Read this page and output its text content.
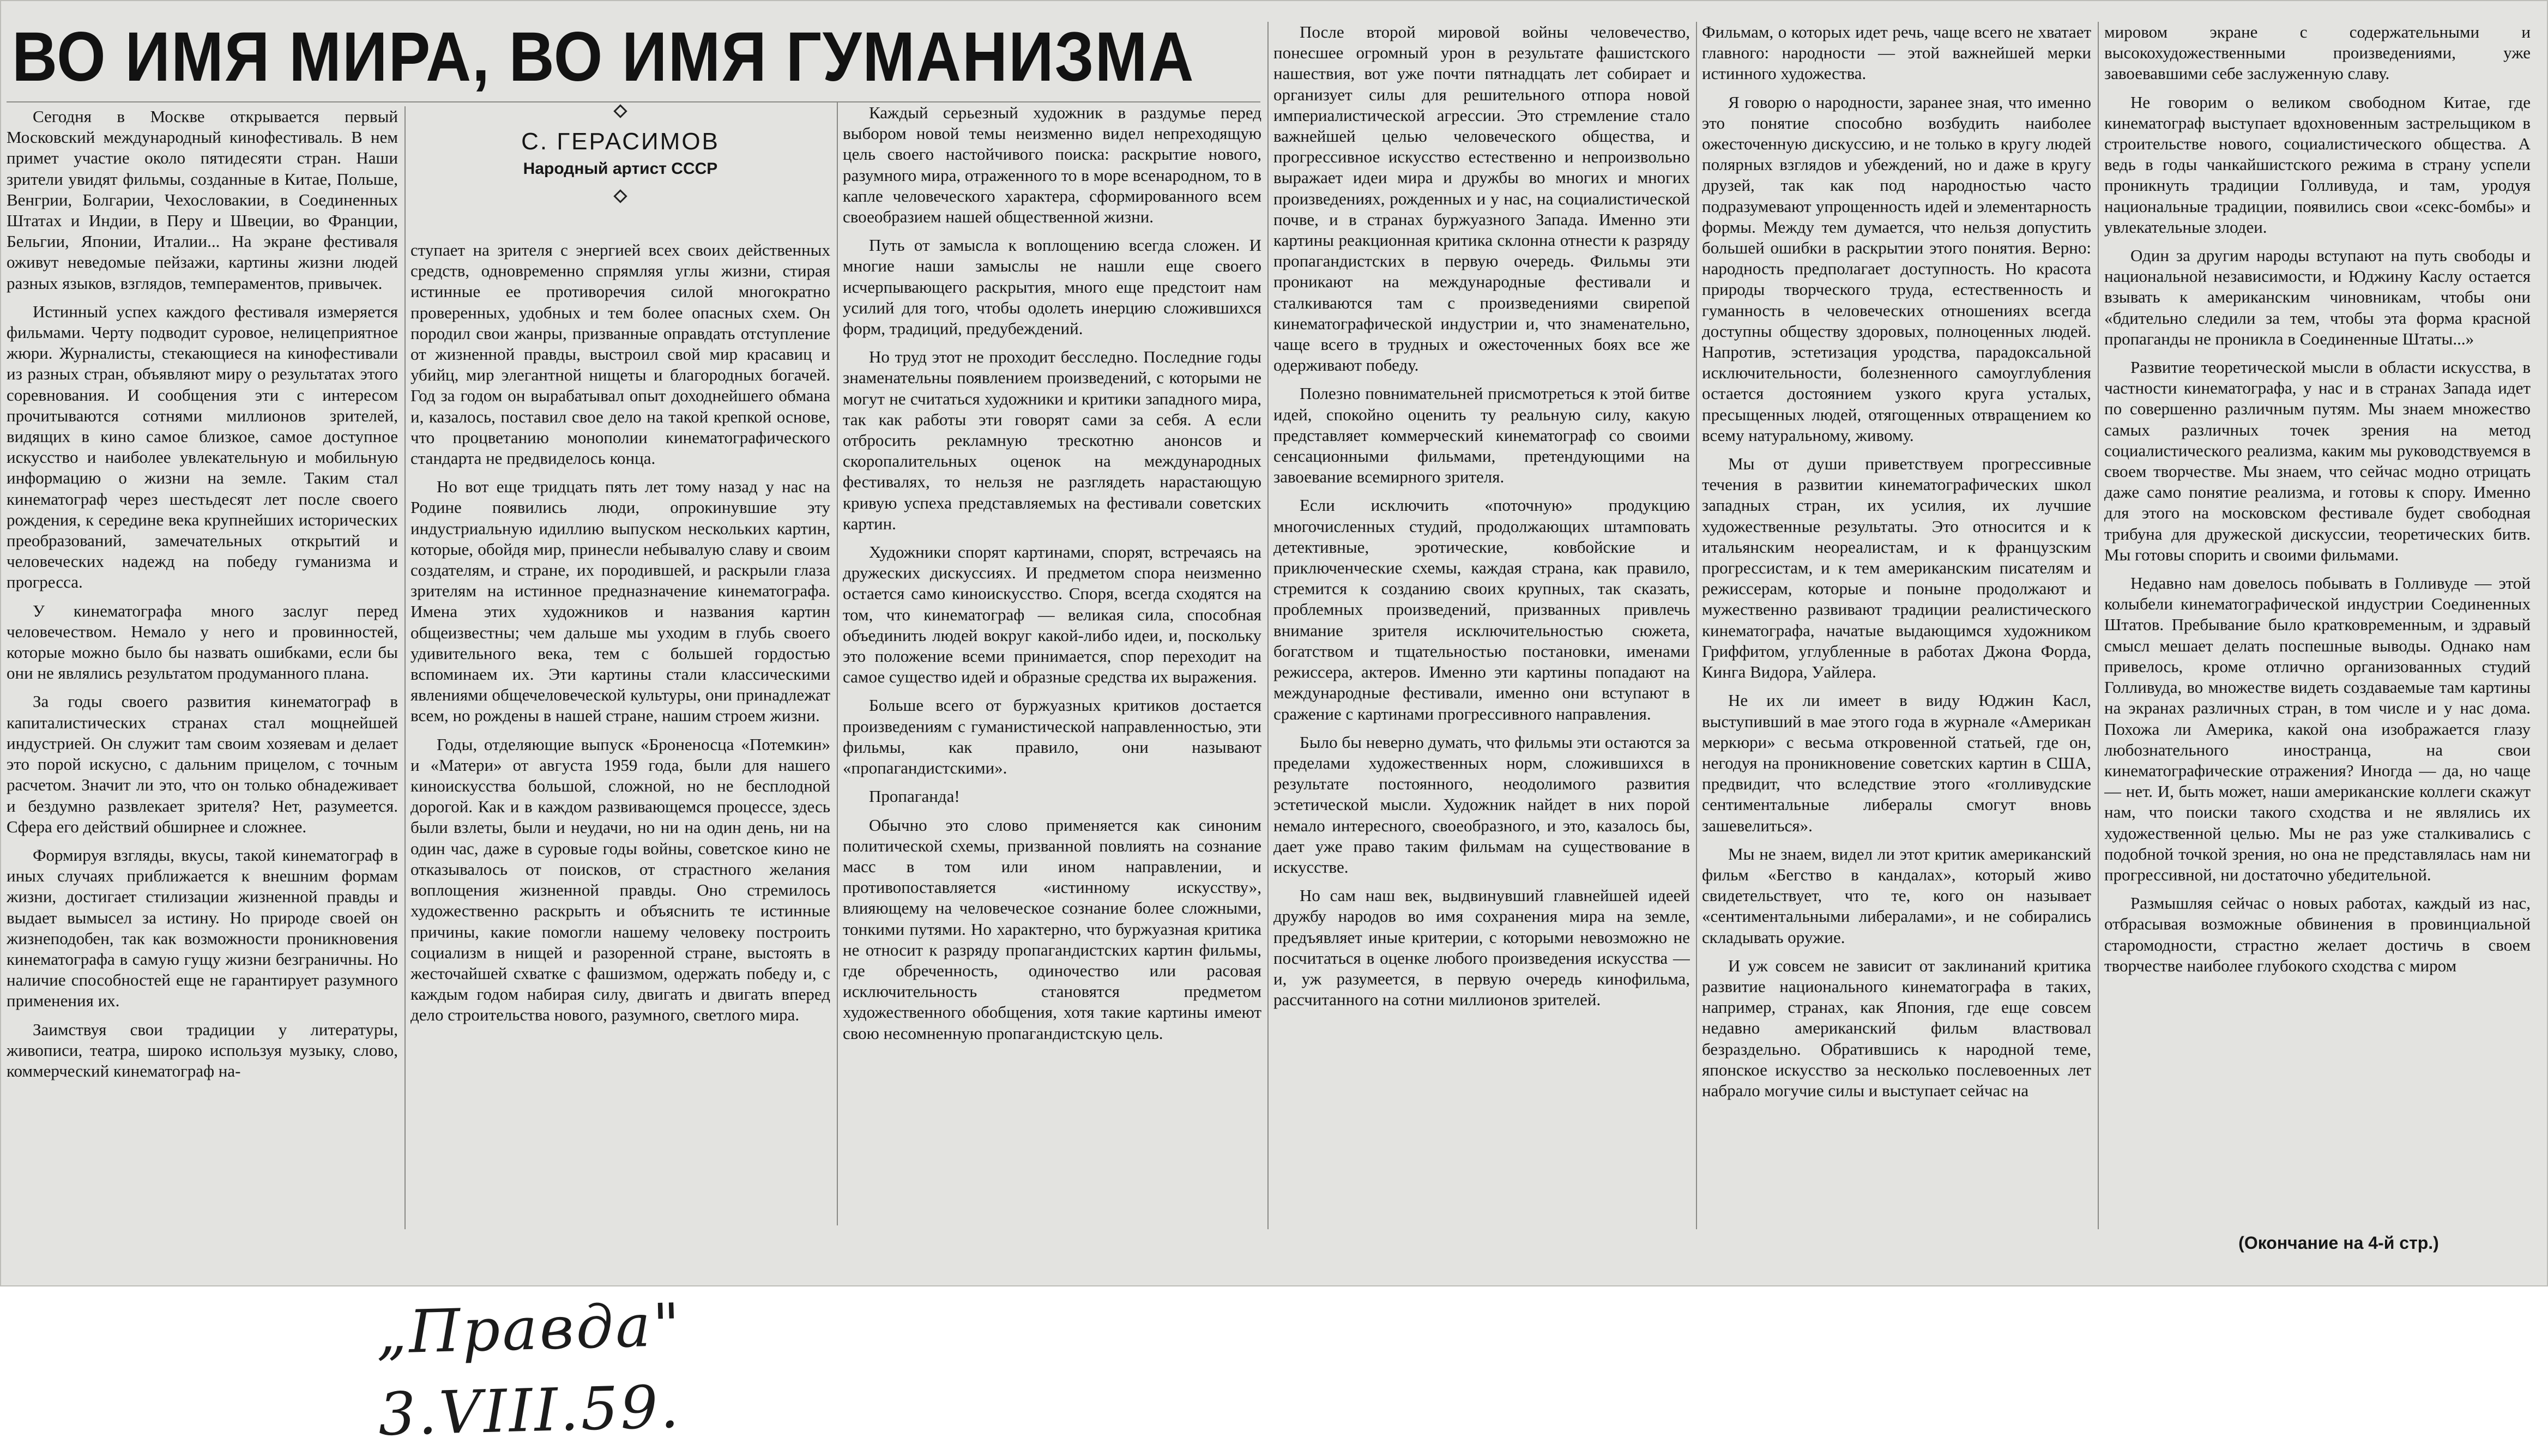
ВО ИМЯ МИРА, ВО ИМЯ ГУМАНИЗМА
С. ГЕРАСИМОВ
Народный артист СССР

Сегодня в Москве открывается первый Московский международный кинофестиваль. В нем примет участие около пятидесяти стран. Наши зрители увидят фильмы, созданные в Китае, Польше, Венгрии, Болгарии, Чехословакии, в Соединенных Штатах и Индии, в Перу и Швеции, во Франции, Бельгии, Японии, Италии... На экране фестиваля оживут неведомые пейзажи, картины жизни людей разных языков, взглядов, темпераментов, привычек.

Истинный успех каждого фестиваля измеряется фильмами. Черту подводит суровое, нелицеприятное жюри. Журналисты, стекающиеся на кинофестивали из разных стран, объявляют миру о результатах этого соревнования. И сообщения эти с интересом прочитываются сотнями миллионов зрителей, видящих в кино самое близкое, самое доступное искусство и наиболее увлекательную и мобильную информацию о жизни на земле. Таким стал кинематограф через шестьдесят лет после своего рождения, к середине века крупнейших исторических преобразований, замечательных открытий и человеческих надежд на победу гуманизма и прогресса.

У кинематографа много заслуг перед человечеством. Немало у него и провинностей, которые можно было бы назвать ошибками, если бы они не являлись результатом продуманного плана.

За годы своего развития кинематограф в капиталистических странах стал мощнейшей индустрией. Он служит там своим хозяевам и делает это порой искусно, с дальним прицелом, с точным расчетом. Значит ли это, что он только обнадеживает и бездумно развлекает зрителя? Нет, разумеется. Сфера его действий обширнее и сложнее.

Формируя взгляды, вкусы, такой кинематограф в иных случаях приближается к внешним формам жизни, достигает стилизации жизненной правды и выдает вымысел за истину. Но природе своей он жизнеподобен, так как возможности проникновения кинематографа в самую гущу жизни безграничны. Но наличие способностей еще не гарантирует разумного применения их.

Заимствуя свои традиции у литературы, живописи, театра, широко используя музыку, слово, коммерческий кинематограф на-

ступает на зрителя с энергией всех своих действенных средств, одновременно спрямляя углы жизни, стирая истинные ее противоречия силой многократно проверенных, удобных и тем более опасных схем. Он породил свои жанры, призванные оправдать отступление от жизненной правды, выстроил свой мир красавиц и убийц, мир элегантной нищеты и благородных богачей. Год за годом он вырабатывал опыт доходнейшего обмана и, казалось, поставил свое дело на такой крепкой основе, что процветанию монополии кинематографического стандарта не предвиделось конца.

Но вот еще тридцать пять лет тому назад у нас на Родине появились люди, опрокинувшие эту индустриальную идиллию выпуском нескольких картин, которые, обойдя мир, принесли небывалую славу и своим создателям, и стране, их породившей, и раскрыли глаза зрителям на истинное предназначение кинематографа. Имена этих художников и названия картин общеизвестны; чем дальше мы уходим в глубь своего удивительного века, тем с большей гордостью вспоминаем их. Эти картины стали классическими явлениями общечеловеческой культуры, они принадлежат всем, но рождены в нашей стране, нашим строем жизни.

Годы, отделяющие выпуск «Броненосца «Потемкин» и «Матери» от августа 1959 года, были для нашего киноискусства большой, сложной, но не бесплодной дорогой. Как и в каждом развивающемся процессе, здесь были взлеты, были и неудачи, но ни на один день, ни на один час, даже в суровые годы войны, советское кино не отказывалось от поисков, от страстного желания воплощения жизненной правды. Оно стремилось художественно раскрыть и объяснить те истинные причины, какие помогли нашему человеку построить социализм в нищей и разоренной стране, выстоять в жесточайшей схватке с фашизмом, одержать победу и, с каждым годом набирая силу, двигать и двигать вперед дело строительства нового, разумного, светлого мира.

Каждый серьезный художник в раздумье перед выбором новой темы неизменно видел непреходящую цель своего настойчивого поиска: раскрытие нового, разумного мира, отраженного то в море всенародном, то в капле человеческого характера, сформированного всем своеобразием нашей общественной жизни.

Путь от замысла к воплощению всегда сложен. И многие наши замыслы не нашли еще своего исчерпывающего раскрытия, много еще предстоит нам усилий для того, чтобы одолеть инерцию сложившихся форм, традиций, предубеждений.

Но труд этот не проходит бесследно. Последние годы знаменательны появлением произведений, с которыми не могут не считаться художники и критики западного мира, так как работы эти говорят сами за себя. А если отбросить рекламную трескотню анонсов и скоропалительных оценок на международных фестивалях, то нельзя не разглядеть нарастающую кривую успеха представляемых на фестивали советских картин.

Художники спорят картинами, спорят, встречаясь на дружеских дискуссиях. И предметом спора неизменно остается само киноискусство. Споря, всегда сходятся на том, что кинематограф — великая сила, способная объединить людей вокруг какой-либо идеи, и, поскольку это положение всеми принимается, спор переходит на самое существо идей и образные средства их выражения.

Больше всего от буржуазных критиков достается произведениям с гуманистической направленностью, эти фильмы, как правило, они называют «пропагандистскими».

Пропаганда!

Обычно это слово применяется как синоним политической схемы, призванной повлиять на сознание масс в том или ином направлении, и противопоставляется «истинному искусству», влияющему на человеческое сознание более сложными, тонкими путями. Но характерно, что буржуазная критика не относит к разряду пропагандистских картин фильмы, где обреченность, одиночество или расовая исключительность становятся предметом художественного обобщения, хотя такие картины имеют свою несомненную пропагандистскую цель.

После второй мировой войны человечество, понесшее огромный урон в результате фашистского нашествия, вот уже почти пятнадцать лет собирает и организует силы для решительного отпора новой империалистической агрессии. Это стремление стало важнейшей целью человеческого общества, и прогрессивное искусство естественно и непроизвольно выражает идеи мира и дружбы во многих и многих произведениях, рожденных и у нас, на социалистической почве, и в странах буржуазного Запада. Именно эти картины реакционная критика склонна отнести к разряду пропагандистских в первую очередь. Фильмы эти проникают на международные фестивали и сталкиваются там с произведениями свирепой кинематографической индустрии и, что знаменательно, чаще всего в трудных и ожесточенных боях все же одерживают победу.

Полезно повнимательней присмотреться к этой битве идей, спокойно оценить ту реальную силу, какую представляет коммерческий кинематограф со своими сенсационными фильмами, претендующими на завоевание всемирного зрителя.

Если исключить «поточную» продукцию многочисленных студий, продолжающих штамповать детективные, эротические, ковбойские и приключенческие схемы, каждая страна, как правило, стремится к созданию своих крупных, так сказать, проблемных произведений, призванных привлечь внимание зрителя исключительностью сюжета, богатством и тщательностью постановки, именами режиссера, актеров. Именно эти картины попадают на международные фестивали, именно они вступают в сражение с картинами прогрессивного направления.

Было бы неверно думать, что фильмы эти остаются за пределами художественных норм, сложившихся в результате постоянного, неодолимого развития эстетической мысли. Художник найдет в них порой немало интересного, своеобразного, и это, казалось бы, дает уже право таким фильмам на существование в искусстве.

Но сам наш век, выдвинувший главнейшей идеей дружбу народов во имя сохранения мира на земле, предъявляет иные критерии, с которыми невозможно не посчитаться в оценке любого произведения искусства — и, уж разумеется, в первую очередь кинофильма, рассчитанного на сотни миллионов зрителей.

Фильмам, о которых идет речь, чаще всего не хватает главного: народности — этой важнейшей мерки истинного художества.

Я говорю о народности, заранее зная, что именно это понятие способно возбудить наиболее ожесточенную дискуссию, и не только в кругу людей полярных взглядов и убеждений, но и даже в кругу друзей, так как под народностью часто подразумевают упрощенность идей и элементарность формы. Между тем думается, что нельзя допустить большей ошибки в раскрытии этого понятия. Верно: народность предполагает доступность. Но красота природы творческого труда, естественность и гуманность в человеческих отношениях всегда доступны обществу здоровых, полноценных людей. Напротив, эстетизация уродства, парадоксальной исключительности, болезненного самоуглубления остается достоянием узкого круга усталых, пресыщенных людей, отягощенных отвращением ко всему натуральному, живому.

Мы от души приветствуем прогрессивные течения в развитии кинематографических школ западных стран, их усилия, их лучшие художественные результаты. Это относится и к итальянским неореалистам, и к французским прогрессистам, и к тем американским писателям и режиссерам, которые и поныне продолжают и мужественно развивают традиции реалистического кинематографа, начатые выдающимся художником Гриффитом, углубленные в работах Джона Форда, Кинга Видора, Уайлера.

Не их ли имеет в виду Юджин Касл, выступивший в мае этого года в журнале «Американ меркюри» с весьма откровенной статьей, где он, негодуя на проникновение советских картин в США, предвидит, что вследствие этого «голливудские сентиментальные либералы смогут вновь зашевелиться».

Мы не знаем, видел ли этот критик американский фильм «Бегство в кандалах», который живо свидетельствует, что те, кого он называет «сентиментальными либералами», и не собирались складывать оружие.

И уж совсем не зависит от заклинаний критика развитие национального кинематографа в таких, например, странах, как Япония, где еще совсем недавно американский фильм властвовал безраздельно. Обратившись к народной теме, японское искусство за несколько послевоенных лет набрало могучие силы и выступает сейчас на

мировом экране с содержательными и высокохудожественными произведениями, уже завоевавшими себе заслуженную славу.

Не говорим о великом свободном Китае, где кинематограф выступает вдохновенным застрельщиком в строительстве нового, социалистического общества. А ведь в годы чанкайшистского режима в страну успели проникнуть традиции Голливуда, и там, уродуя национальные традиции, появились свои «секс-бомбы» и увлекательные злодеи.

Один за другим народы вступают на путь свободы и национальной независимости, и Юджину Каслу остается взывать к американским чиновникам, чтобы они «бдительно следили за тем, чтобы эта форма красной пропаганды не проникла в Соединенные Штаты...»

Развитие теоретической мысли в области искусства, в частности кинематографа, у нас и в странах Запада идет по совершенно различным путям. Мы знаем множество самых различных точек зрения на метод социалистического реализма, каким мы руководствуемся в своем творчестве. Мы знаем, что сейчас модно отрицать даже само понятие реализма, и готовы к спору. Именно для этого на московском фестивале будет свободная трибуна для дружеской дискуссии, теоретических битв. Мы готовы спорить и своими фильмами.

Недавно нам довелось побывать в Голливуде — этой колыбели кинематографической индустрии Соединенных Штатов. Пребывание было кратковременным, и здравый смысл мешает делать поспешные выводы. Однако нам привелось, кроме отлично организованных студий Голливуда, во множестве видеть создаваемые там картины на экранах различных стран, в том числе и у нас дома. Похожа ли Америка, какой она изображается глазу любознательного иностранца, на свои кинематографические отражения? Иногда — да, но чаще — нет. И, быть может, наши американские коллеги скажут нам, что поиски такого сходства и не являлись их художественной целью. Мы не раз уже сталкивались с подобной точкой зрения, но она не представлялась нам ни прогрессивной, ни достаточно убедительной.

Размышляя сейчас о новых работах, каждый из нас, отбрасывая возможные обвинения в провинциальной старомодности, страстно желает достичь в своем творчестве наиболее глубокого сходства с миром

(Окончание на 4-й стр.)
„Правда" 3.VIII.59.
